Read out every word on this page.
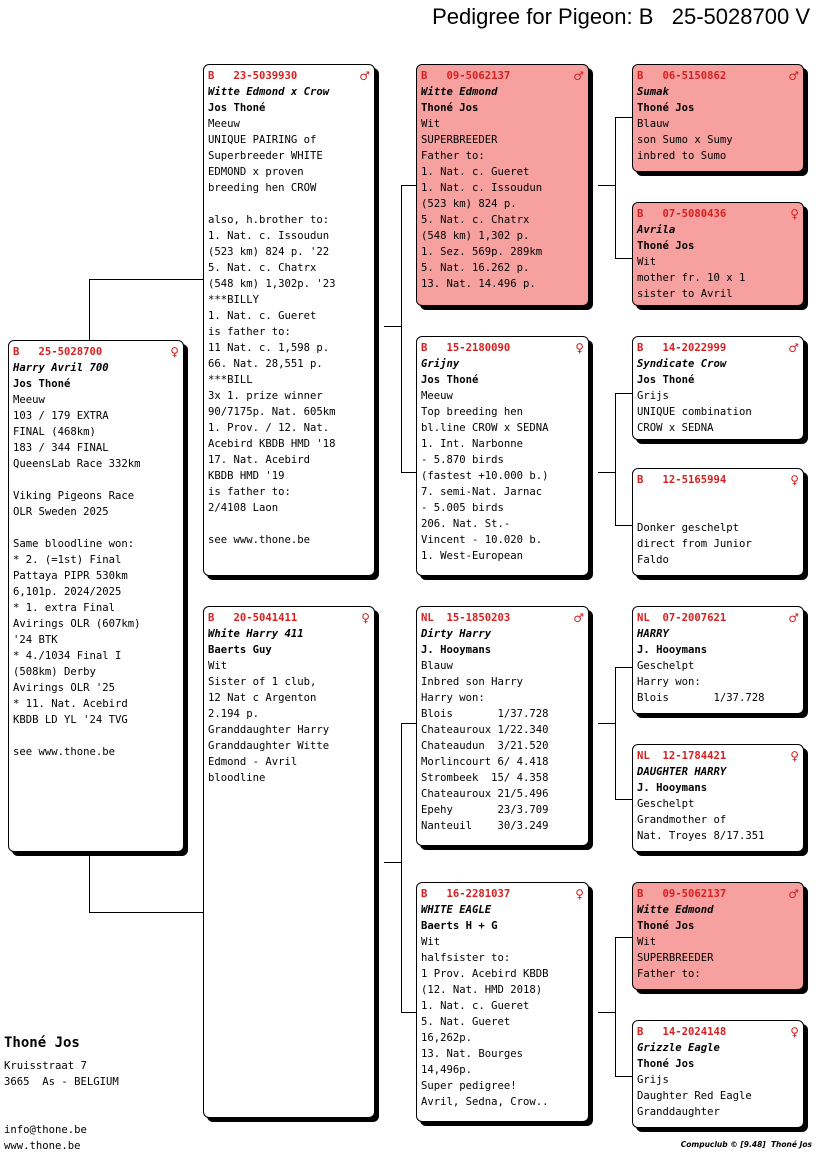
Pedigree for Pigeon: B   25-5028700 V
B   25-5028700	♀
Harry Avril 700
Jos Thoné
Meeuw
103 / 179 EXTRA
FINAL (468km)
183 / 344 FINAL
QueensLab Race 332km
Viking Pigeons Race
OLR Sweden 2025
Same bloodline won:
* 2. (=1st) Final
Pattaya PIPR 530km
6,101p. 2024/2025
* 1. extra Final
Avirings OLR (607km)
'24 BTK
* 4./1034 Final I
(508km) Derby
Avirings OLR '25
* 11. Nat. Acebird
KBDB LD YL '24 TVG
see www.thone.be
B   23-5039930	♂
Witte Edmond x Crow
Jos Thoné
Meeuw
UNIQUE PAIRING of
Superbreeder WHITE
EDMOND x proven
breeding hen CROW
also, h.brother to:
1. Nat. c. Issoudun
(523 km) 824 p. '22
5. Nat. c. Chatrx
(548 km) 1,302p. '23
***BILLY
1. Nat. c. Gueret
is father to:
11 Nat. c. 1,598 p.
66. Nat. 28,551 p.
***BILL
3x 1. prize winner
90/7175p. Nat. 605km
1. Prov. / 12. Nat.
Acebird KBDB HMD '18
17. Nat. Acebird
KBDB HMD '19
is father to:
2/4108 Laon
see www.thone.be
B   20-5041411	♀
White Harry 411
Baerts Guy
Wit
Sister of 1 club,
12 Nat c Argenton
2.194 p.
Granddaughter Harry
Granddaughter Witte
Edmond - Avril
bloodline
B   09-5062137	♂
Witte Edmond
Thoné Jos
Wit
SUPERBREEDER
Father to:
1. Nat. c. Gueret
1. Nat. c. Issoudun
(523 km) 824 p.
5. Nat. c. Chatrx
(548 km) 1,302 p.
1. Sez. 569p. 289km
5. Nat. 16.262 p.
13. Nat. 14.496 p.
B   15-2180090	♀
Grijny
Jos Thoné
Meeuw
Top breeding hen
bl.line CROW x SEDNA
1. Int. Narbonne
- 5.870 birds
(fastest +10.000 b.)
7. semi-Nat. Jarnac
- 5.005 birds
206. Nat. St.-
Vincent - 10.020 b.
1. West-European
NL  15-1850203	♂
Dirty Harry
J. Hooymans
Blauw
Inbred son Harry
Harry won:
Blois       1/37.728
Chateauroux 1/22.340
Chateaudun  3/21.520
Morlincourt 6/ 4.418
Strombeek  15/ 4.358
Chateauroux 21/5.496
Epehy       23/3.709
Nanteuil    30/3.249
B   16-2281037	♀
WHITE EAGLE
Baerts H + G
Wit
halfsister to:
1 Prov. Acebird KBDB
(12. Nat. HMD 2018)
1. Nat. c. Gueret
5. Nat. Gueret
16,262p.
13. Nat. Bourges
14,496p.
Super pedigree!
Avril, Sedna, Crow..
B   06-5150862	♂
Sumak
Thoné Jos
Blauw
son Sumo x Sumy
inbred to Sumo
B   07-5080436	♀
Avrila
Thoné Jos
Wit
mother fr. 10 x 1
sister to Avril
B   14-2022999	♂
Syndicate Crow
Jos Thoné
Grijs
UNIQUE combination
CROW x SEDNA
B   12-5165994	♀
Donker geschelpt
direct from Junior
Faldo
NL  07-2007621	♂
HARRY
J. Hooymans
Geschelpt
Harry won:
Blois       1/37.728
NL  12-1784421	♀
DAUGHTER HARRY
J. Hooymans
Geschelpt
Grandmother of
Nat. Troyes 8/17.351
B   09-5062137	♂
Witte Edmond
Thoné Jos
Wit
SUPERBREEDER
Father to:
B   14-2024148	♀
Grizzle Eagle
Thoné Jos
Grijs
Daughter Red Eagle
Granddaughter
Thoné Jos
Kruisstraat 7
3665  As - BELGIUM
info@thone.be
www.thone.be	Compuclub © [9.48]  Thoné Jos
